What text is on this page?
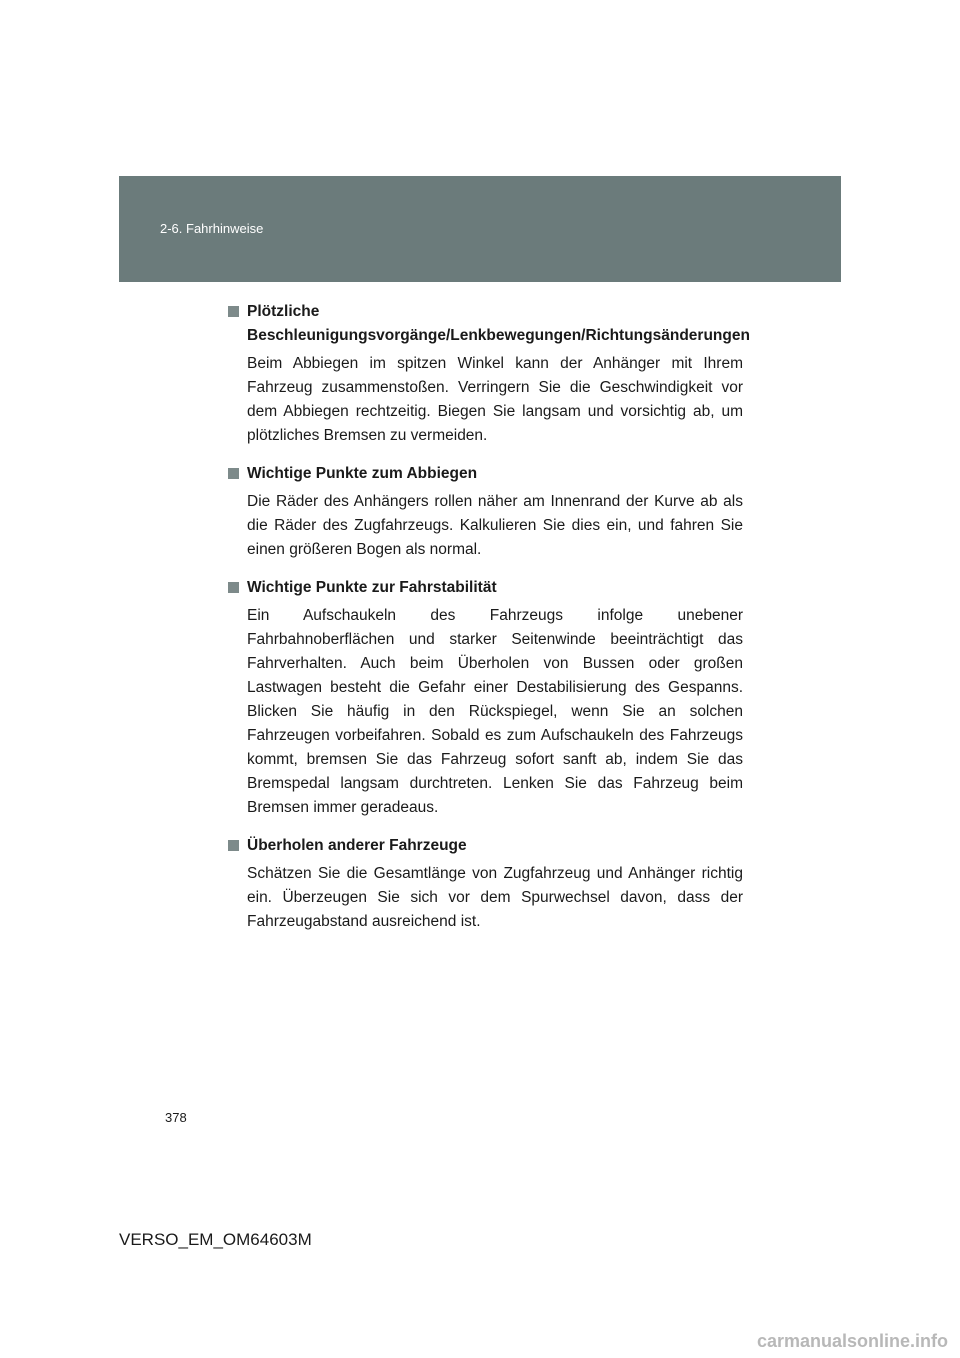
2-6. Fahrhinweise
Plötzliche Beschleunigungsvorgänge/Lenkbewegungen/Richtungsänderungen
Beim Abbiegen im spitzen Winkel kann der Anhänger mit Ihrem Fahrzeug zusammenstoßen. Verringern Sie die Geschwindigkeit vor dem Abbiegen rechtzeitig. Biegen Sie langsam und vorsichtig ab, um plötzliches Bremsen zu vermeiden.
Wichtige Punkte zum Abbiegen
Die Räder des Anhängers rollen näher am Innenrand der Kurve ab als die Räder des Zugfahrzeugs. Kalkulieren Sie dies ein, und fahren Sie einen größeren Bogen als normal.
Wichtige Punkte zur Fahrstabilität
Ein Aufschaukeln des Fahrzeugs infolge unebener Fahrbahnoberflächen und starker Seitenwinde beeinträchtigt das Fahrverhalten. Auch beim Überholen von Bussen oder großen Lastwagen besteht die Gefahr einer Destabilisierung des Gespanns. Blicken Sie häufig in den Rückspiegel, wenn Sie an solchen Fahrzeugen vorbeifahren. Sobald es zum Aufschaukeln des Fahrzeugs kommt, bremsen Sie das Fahrzeug sofort sanft ab, indem Sie das Bremspedal langsam durchtreten. Lenken Sie das Fahrzeug beim Bremsen immer geradeaus.
Überholen anderer Fahrzeuge
Schätzen Sie die Gesamtlänge von Zugfahrzeug und Anhänger richtig ein. Überzeugen Sie sich vor dem Spurwechsel davon, dass der Fahrzeugabstand ausreichend ist.
378
VERSO_EM_OM64603M
carmanualsonline.info
